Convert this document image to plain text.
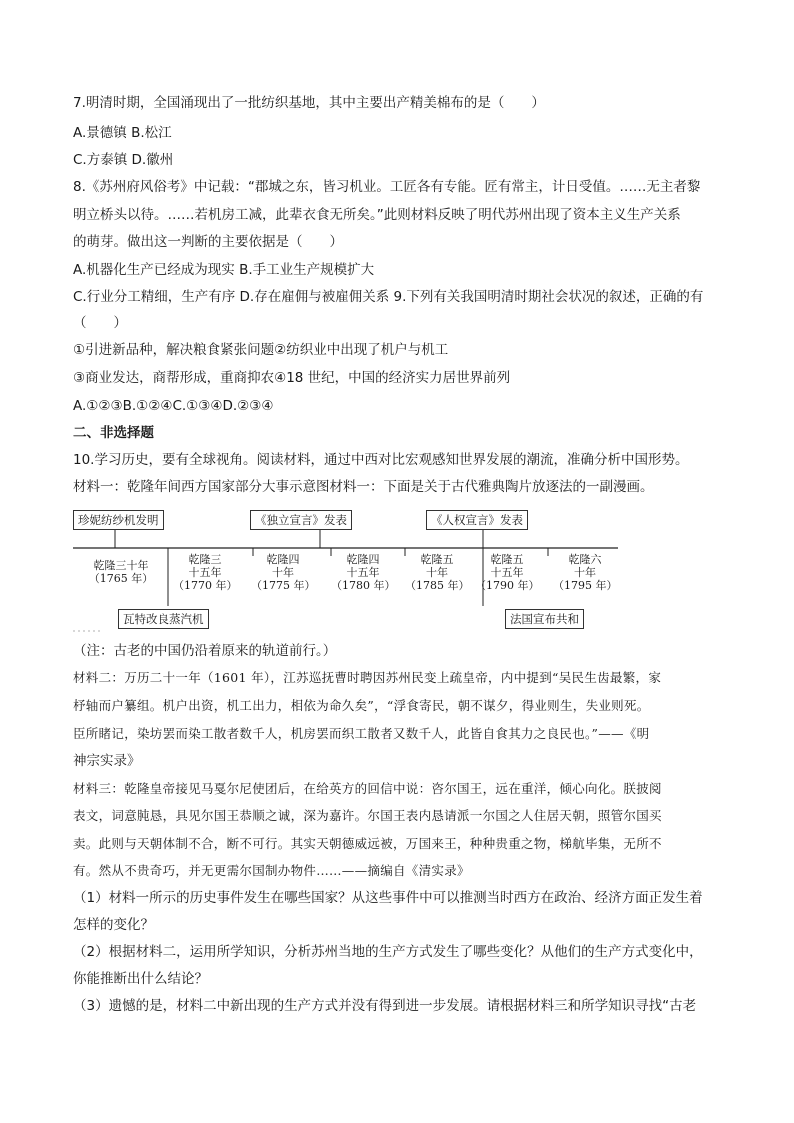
7.明清时期，全国涌现出了一批纺织基地，其中主要出产精美棉布的是（　　）
A.景德镇 B.松江
C.方泰镇 D.徽州
8.《苏州府风俗考》中记载：“郡城之东，皆习机业。工匠各有专能。匠有常主，计日受值。……无主者黎
明立桥头以待。……若机房工减，此辈衣食无所矣。”此则材料反映了明代苏州出现了资本主义生产关系
的萌芽。做出这一判断的主要依据是（　　）
A.机器化生产已经成为现实 B.手工业生产规模扩大
C.行业分工精细，生产有序 D.存在雇佣与被雇佣关系 9.下列有关我国明清时期社会状况的叙述，正确的有
（　　）
①引进新品种，解决粮食紧张问题②纺织业中出现了机户与机工
③商业发达，商帮形成，重商抑农④18 世纪，中国的经济实力居世界前列
A.①②③B.①②④C.①③④D.②③④
二、非选择题
10.学习历史，要有全球视角。阅读材料，通过中西对比宏观感知世界发展的潮流，准确分析中国形势。
材料一：乾隆年间西方国家部分大事示意图材料一：下面是关于古代雅典陶片放逐法的一副漫画。
珍妮纺纱机发明	《独立宣言》发表	《人权宣言》发表
瓦特改良蒸汽机	法国宣布共和
乾隆三十年
（1765 年）
乾隆三
十五年
（1770 年）
乾隆四
十年
（1775 年）
乾隆四
十五年
（1780 年）
乾隆五
十年
（1785 年）
乾隆五
十五年
（1790 年）
乾隆六
十年
（1795 年）
（注：古老的中国仍沿着原来的轨道前行。）
材料二：万历二十一年（1601 年），江苏巡抚曹时聘因苏州民变上疏皇帝，内中提到“吴民生齿最繁，家
杼轴而户纂组。机户出资，机工出力，相依为命久矣”，“浮食寄民，朝不谋夕，得业则生，失业则死。
臣所睹记，染坊罢而染工散者数千人，机房罢而织工散者又数千人，此皆自食其力之良民也。”——《明
神宗实录》
材料三：乾隆皇帝接见马戛尔尼使团后，在给英方的回信中说：咨尔国王，远在重洋，倾心向化。朕披阅
表文，词意肫恳，具见尔国王恭顺之诚，深为嘉许。尔国王表内恳请派一尔国之人住居天朝，照管尔国买
卖。此则与天朝体制不合，断不可行。其实天朝德威远被，万国来王，种种贵重之物，梯航毕集，无所不
有。然从不贵奇巧，并无更需尔国制办物件……——摘编自《清实录》
（1）材料一所示的历史事件发生在哪些国家？从这些事件中可以推测当时西方在政治、经济方面正发生着
怎样的变化？
（2）根据材料二，运用所学知识，分析苏州当地的生产方式发生了哪些变化？从他们的生产方式变化中，
你能推断出什么结论？
（3）遗憾的是，材料二中新出现的生产方式并没有得到进一步发展。请根据材料三和所学知识寻找“古老
